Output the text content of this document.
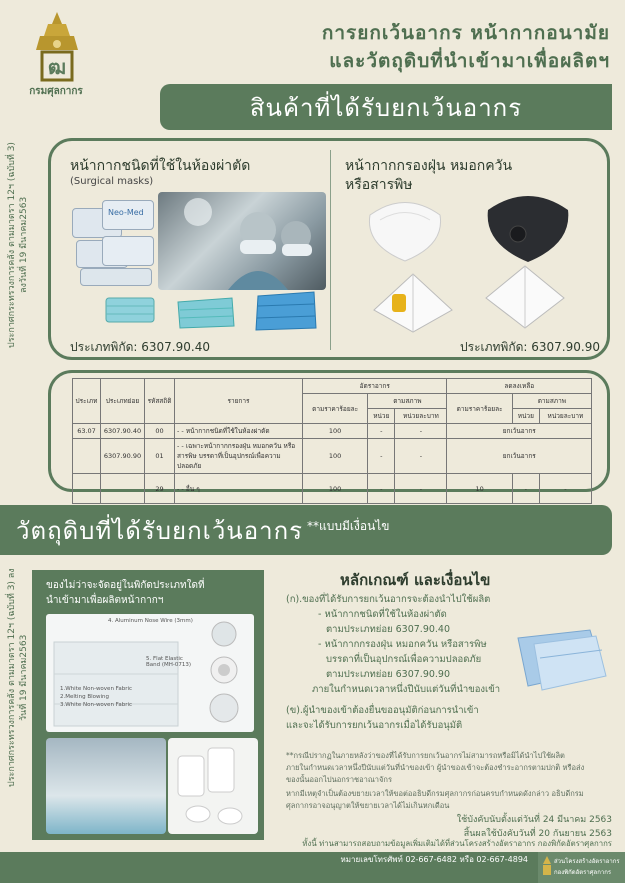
ฒ
กรมศุลกากร
การยกเว้นอากร หน้ากากอนามัย
และวัตถุดิบที่นำเข้ามาเพื่อผลิตฯ
สินค้าที่ได้รับยกเว้นอากร
ประกาศกระทรวงการคลัง ตามมาตรา 12ฯ (ฉบับที่ 3) ลงวันที่ 19 มีนาคม2563
หน้ากากชนิดที่ใช้ในห้องผ่าตัด
(Surgical masks)
Neo-Med
ประเภทพิกัด: 6307.90.40
หน้ากากกรองฝุ่น หมอกควัน
หรือสารพิษ
ประเภทพิกัด: 6307.90.90
ประเภท	ประเภทย่อย	รหัสสถิติ	รายการ	อัตราอากร			ลดลงเหลือ		
				ตามราคาร้อยละ	ตามสภาพ		ตามราคาร้อยละ	ตามสภาพ	
					หน่วย	หน่วยละบาท		หน่วย	หน่วยละบาท
63.07	6307.90.40	00	- - หน้ากากชนิดที่ใช้ในห้องผ่าตัด	100	-	-	ยกเว้นอากร		
	6307.90.90	01	- - เฉพาะหน้ากากกรองฝุ่น หมอกควัน หรือสารพิษ บรรดาที่เป็นอุปกรณ์เพื่อความปลอดภัย	100	-	-	ยกเว้นอากร		
		29	- - อื่น ๆ	100	-	-	10	-	-
วัตถุดิบที่ได้รับยกเว้นอากร **แบบมีเงื่อนไข
ประกาศกระทรวงการคลัง ตามมาตรา 12ฯ (ฉบับที่ 3) ลงวันที่ 19 มีนาคม2563
ของไม่ว่าจะจัดอยู่ในพิกัดประเภทใดที่
นำเข้ามาเพื่อผลิตหน้ากากฯ
4. Aluminum Nose Wire (3mm)
5. Flat Elastic Band (MH-0713)
1.White Non-woven Fabric
2.Melting Blowing
3.White Non-woven Fabric
หลักเกณฑ์ และเงื่อนไข
(ก).ของที่ได้รับการยกเว้นอากรจะต้องนำไปใช้ผลิต
- หน้ากากชนิดที่ใช้ในห้องผ่าตัด
ตามประเภทย่อย 6307.90.40
- หน้ากากกรองฝุ่น หมอกควัน หรือสารพิษ
บรรดาที่เป็นอุปกรณ์เพื่อความปลอดภัย
ตามประเภทย่อย 6307.90.90
ภายในกำหนดเวลาหนึ่งปีนับแต่วันที่นำของเข้า
(ข).ผู้นำของเข้าต้องยื่นขออนุมัติก่อนการนำเข้า
และจะได้รับการยกเว้นอากรเมื่อได้รับอนุมัติ
**กรณีปรากฏในภายหลังว่าของที่ได้รับการยกเว้นอากรไม่สามารถหรือมิได้นำไปใช้ผลิตภายในกำหนดเวลาหนึ่งปีนับแต่วันที่นำของเข้า ผู้นำของเข้าจะต้องชำระอากรตามปกติ หรือส่งของนั้นออกไปนอกราชอาณาจักร
หากมีเหตุจำเป็นต้องขยายเวลาให้ขอต่ออธิบดีกรมศุลกากรก่อนครบกำหนดดังกล่าว อธิบดีกรมศุลกากรอาจอนุญาตให้ขยายเวลาได้ไม่เกินหกเดือน
ใช้บังคับนับตั้งแต่วันที่ 24 มีนาคม 2563
สิ้นผลใช้บังคับวันที่ 20 กันยายน 2563
ทั้งนี้ ท่านสามารถสอบถามข้อมูลเพิ่มเติมได้ที่ส่วนโครงสร้างอัตราอากร กองพิกัดอัตราศุลกากร
หมายเลขโทรศัพท์ 02-667-6482 หรือ 02-667-4894	ส่วนโครงสร้างอัตราอากร
กองพิกัดอัตราศุลกากร
